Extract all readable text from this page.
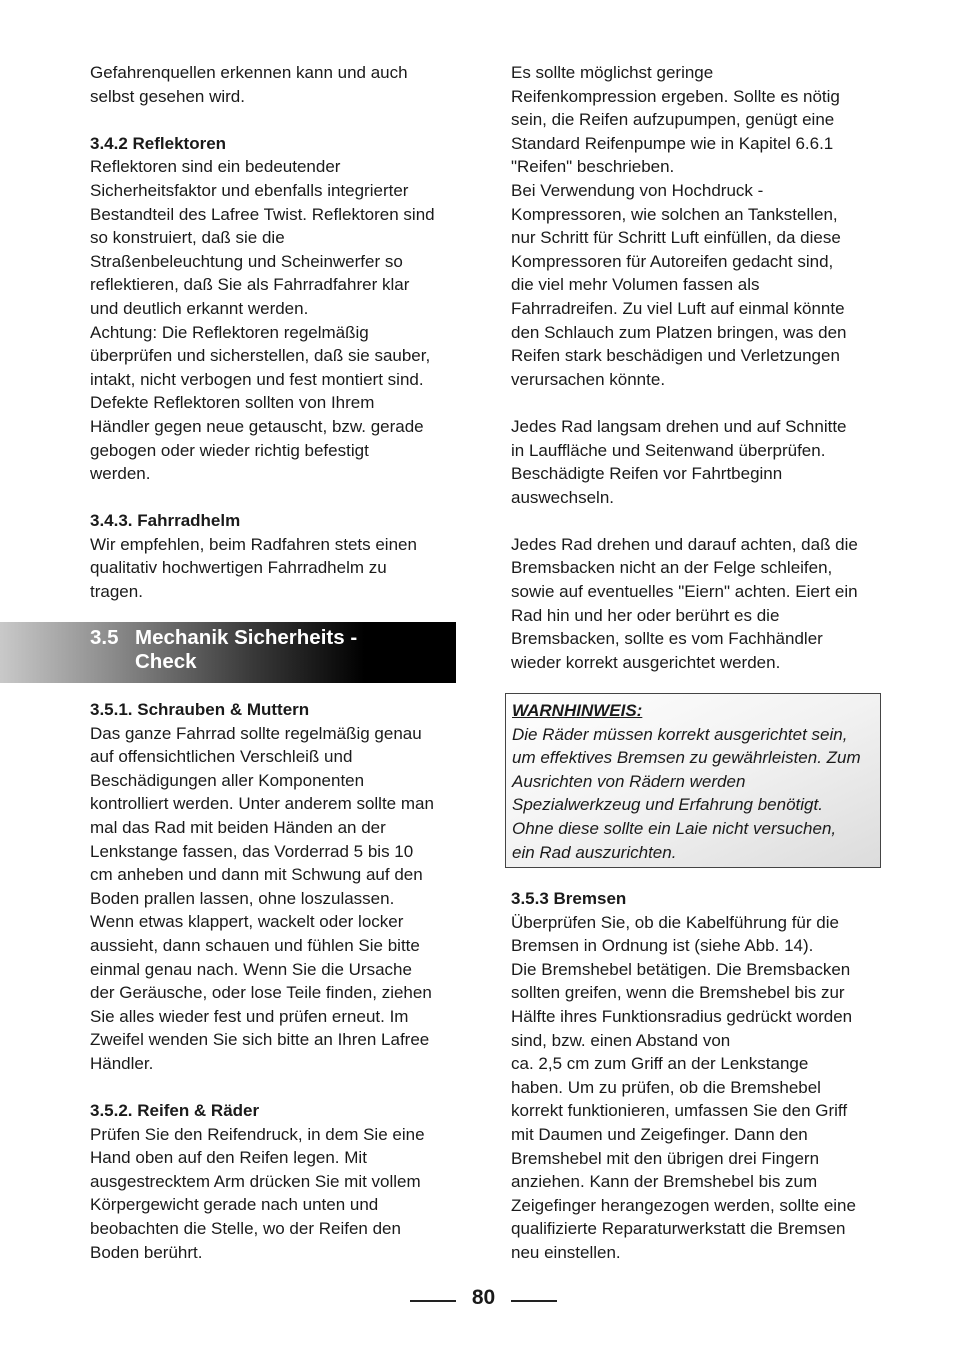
Gefahrenquellen erkennen kann und auch
selbst gesehen wird.

3.4.2 Reflektoren

Reflektoren sind ein bedeutender
Sicherheitsfaktor und ebenfalls integrierter
Bestandteil des Lafree Twist. Reflektoren sind
so konstruiert, daß sie die
Straßenbeleuchtung und Scheinwerfer so
reflektieren, daß Sie als Fahrradfahrer klar
und deutlich erkannt werden.
Achtung: Die Reflektoren regelmäßig
überprüfen und sicherstellen, daß sie sauber,
intakt, nicht verbogen und fest montiert sind.
Defekte Reflektoren sollten von Ihrem
Händler gegen neue getauscht, bzw. gerade
gebogen oder wieder richtig befestigt
werden.

3.4.3. Fahrradhelm

Wir empfehlen, beim Radfahren stets einen
qualitativ hochwertigen Fahrradhelm zu
tragen.

3.5.1. Schrauben & Muttern

Das ganze Fahrrad sollte regelmäßig genau
auf offensichtlichen Verschleiß und
Beschädigungen aller Komponenten
kontrolliert werden. Unter anderem sollte man
mal das Rad mit beiden Händen an der
Lenkstange fassen, das Vorderrad 5 bis 10
cm anheben und dann mit Schwung auf den
Boden prallen lassen, ohne loszulassen.
Wenn etwas klappert, wackelt oder locker
aussieht, dann schauen und fühlen Sie bitte
einmal genau nach. Wenn Sie die Ursache
der Geräusche, oder lose Teile finden, ziehen
Sie alles wieder fest und prüfen erneut. Im
Zweifel wenden Sie sich bitte an Ihren Lafree
Händler.

3.5.2. Reifen & Räder

Prüfen Sie den Reifendruck, in dem Sie eine
Hand oben auf den Reifen legen. Mit
ausgestrecktem Arm drücken Sie mit vollem
Körpergewicht gerade nach unten und
beobachten die Stelle, wo der Reifen den
Boden berührt.

3.5 Mechanik Sicherheits -
Check

Es sollte möglichst geringe
Reifenkompression ergeben. Sollte es nötig
sein, die Reifen aufzupumpen, genügt eine
Standard Reifenpumpe wie in Kapitel 6.6.1
"Reifen" beschrieben.
Bei Verwendung von Hochdruck -
Kompressoren, wie solchen an Tankstellen,
nur Schritt für Schritt Luft einfüllen, da diese
Kompressoren für Autoreifen gedacht sind,
die viel mehr Volumen fassen als
Fahrradreifen. Zu viel Luft auf einmal könnte
den Schlauch zum Platzen bringen, was den
Reifen stark beschädigen und Verletzungen
verursachen könnte.

Jedes Rad langsam drehen und auf Schnitte
in Lauffläche und Seitenwand überprüfen.
Beschädigte Reifen vor Fahrtbeginn
auswechseln.

Jedes Rad drehen und darauf achten, daß die
Bremsbacken nicht an der Felge schleifen,
sowie auf eventuelles "Eiern" achten. Eiert ein
Rad hin und her oder berührt es die
Bremsbacken, sollte es vom Fachhändler
wieder korrekt ausgerichtet werden.

WARNHINWEIS:

Die Räder müssen korrekt ausgerichtet sein,
um effektives Bremsen zu gewährleisten. Zum
Ausrichten von Rädern werden
Spezialwerkzeug und Erfahrung benötigt.
Ohne diese sollte ein Laie nicht versuchen,
ein Rad auszurichten.

3.5.3 Bremsen

Überprüfen Sie, ob die Kabelführung für die
Bremsen in Ordnung ist (siehe Abb. 14).
Die Bremshebel betätigen. Die Bremsbacken
sollten greifen, wenn die Bremshebel bis zur
Hälfte ihres Funktionsradius gedrückt worden
sind, bzw. einen Abstand von
ca. 2,5 cm zum Griff an der Lenkstange
haben. Um zu prüfen, ob die Bremshebel
korrekt funktionieren, umfassen Sie den Griff
mit Daumen und Zeigefinger. Dann den
Bremshebel mit den übrigen drei Fingern
anziehen. Kann der Bremshebel bis zum
Zeigefinger herangezogen werden, sollte eine
qualifizierte Reparaturwerkstatt die Bremsen
neu einstellen.

80
